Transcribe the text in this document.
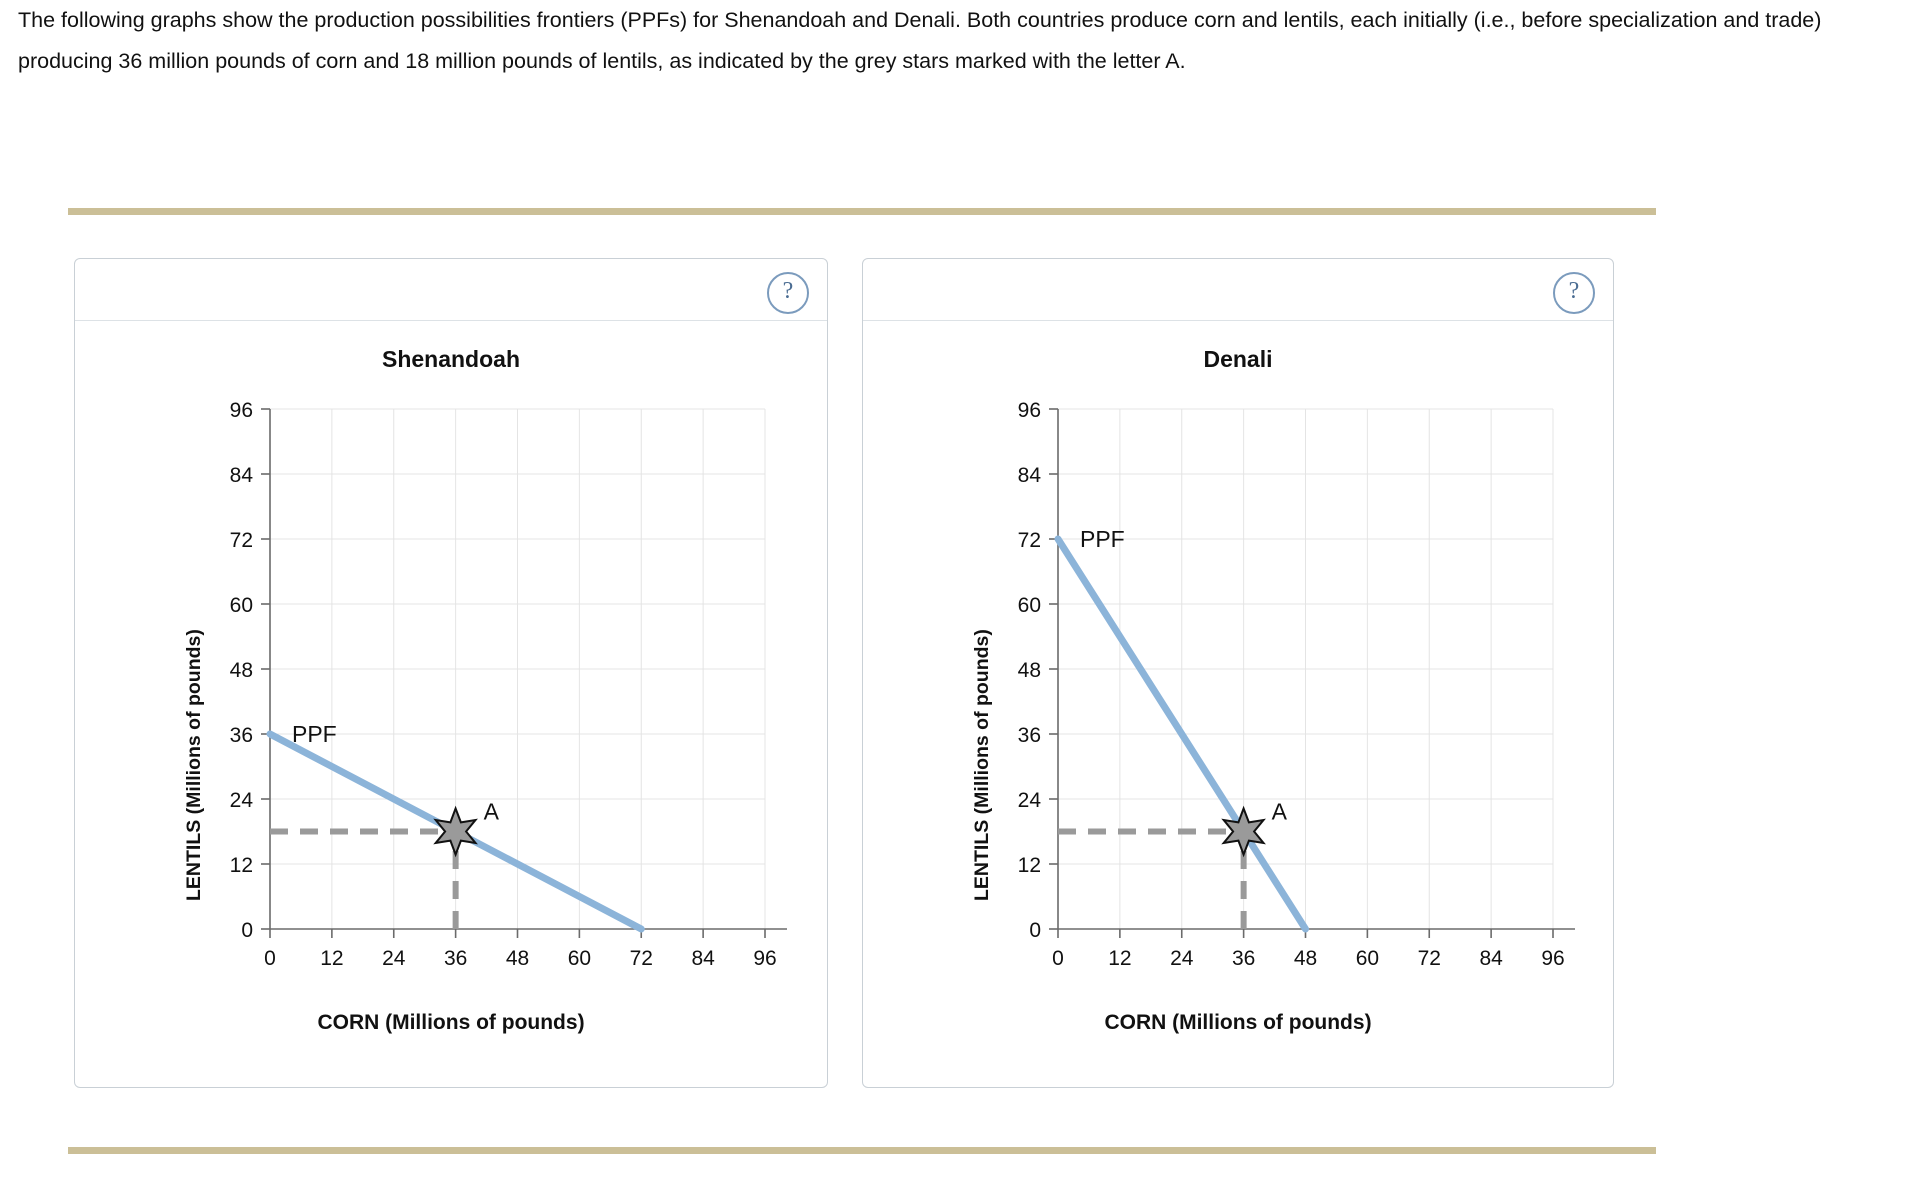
The following graphs show the production possibilities frontiers (PPFs) for Shenandoah and Denali. Both countries produce corn and lentils, each initially (i.e., before specialization and trade) producing 36 million pounds of corn and 18 million pounds of lentils, as indicated by the grey stars marked with the letter A.
?
Shenandoah
LENTILS (Millions of pounds)
CORN (Millions of pounds)
0
12
24
36
48
60
72
84
96
0 12 24 36 48 60 72 84 96
PPF
A
?
Denali
LENTILS (Millions of pounds)
CORN (Millions of pounds)
0
12
24
36
48
60
72
84
96
0 12 24 36 48 60 72 84 96
PPF
A
